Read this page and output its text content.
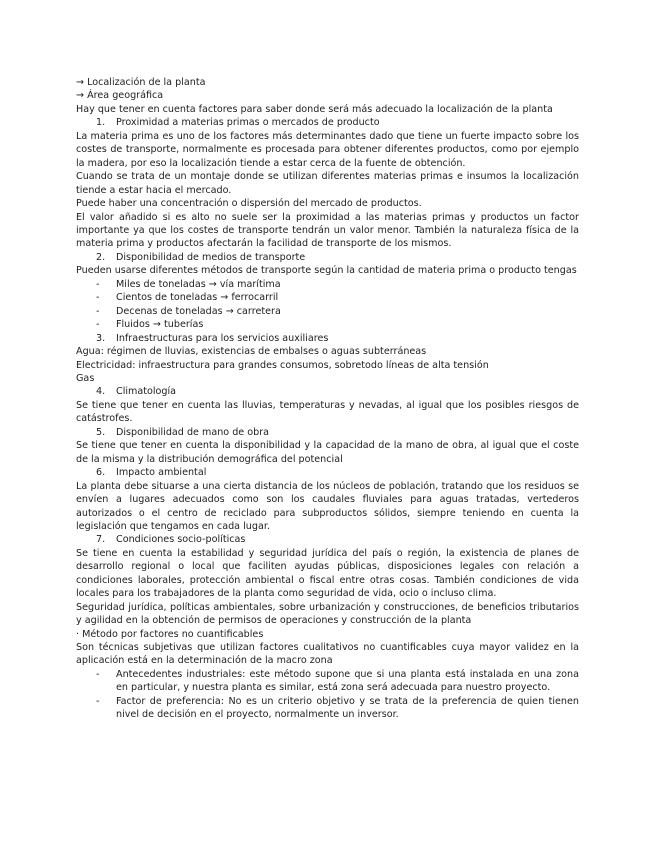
→ Localización de la planta

→ Área geográfica

Hay que tener en cuenta factores para saber donde será más adecuado la localización de la planta

1.	Proximidad a materias primas o mercados de producto

La materia prima es uno de los factores más determinantes dado que tiene un fuerte impacto sobre los costes de transporte, normalmente es procesada para obtener diferentes productos, como por ejemplo la madera, por eso la localización tiende a estar cerca de la fuente de obtención.

Cuando se trata de un montaje donde se utilizan diferentes materias primas e insumos la localización tiende a estar hacia el mercado.

Puede haber una concentración o dispersión del mercado de productos.

El valor añadido si es alto no suele ser la proximidad a las materias primas y productos un factor importante ya que los costes de transporte tendrán un valor menor. También la naturaleza física de la materia prima y productos afectarán la facilidad de transporte de los mismos.

2.	Disponibilidad de medios de transporte

Pueden usarse diferentes métodos de transporte según la cantidad de materia prima o producto tengas

-	Miles de toneladas → vía marítima
-	Cientos de toneladas → ferrocarril
-	Decenas de toneladas → carretera
-	Fluidos → tuberías
3.	Infraestructuras para los servicios auxiliares

Agua: régimen de lluvias, existencias de embalses o aguas subterráneas

Electricidad: infraestructura para grandes consumos, sobretodo líneas de alta tensión

Gas

4.	Climatología

Se tiene que tener en cuenta las lluvias, temperaturas y nevadas, al igual que los posibles riesgos de catástrofes.

5.	Disponibilidad de mano de obra

Se tiene que tener en cuenta la disponibilidad y la capacidad de la mano de obra, al igual que el coste de la misma y la distribución demográfica del potencial

6.	Impacto ambiental

La planta debe situarse a una cierta distancia de los núcleos de población, tratando que los residuos se envíen a lugares adecuados como son los caudales fluviales para aguas tratadas, vertederos autorizados o el centro de reciclado para subproductos sólidos, siempre teniendo en cuenta la legislación que tengamos en cada lugar.

7.	Condiciones socio-políticas

Se tiene en cuenta la estabilidad y seguridad jurídica del país o región, la existencia de planes de desarrollo regional o local que faciliten ayudas públicas, disposiciones legales con relación a condiciones laborales, protección ambiental o fiscal entre otras cosas. También condiciones de vida locales para los trabajadores de la planta como seguridad de vida, ocio o incluso clima.

Seguridad jurídica, políticas ambientales, sobre urbanización y construcciones, de beneficios tributarios y agilidad en la obtención de permisos de operaciones y construcción de la planta

· Método por factores no cuantificables

Son técnicas subjetivas que utilizan factores cualitativos no cuantificables cuya mayor validez en la aplicación está en la determinación de la macro zona

-	Antecedentes industriales: este método supone que si una planta está instalada en una zona en particular, y nuestra planta es similar, está zona será adecuada para nuestro proyecto.
-	Factor de preferencia: No es un criterio objetivo y se trata de la preferencia de quien tienen nivel de decisión en el proyecto, normalmente un inversor.
